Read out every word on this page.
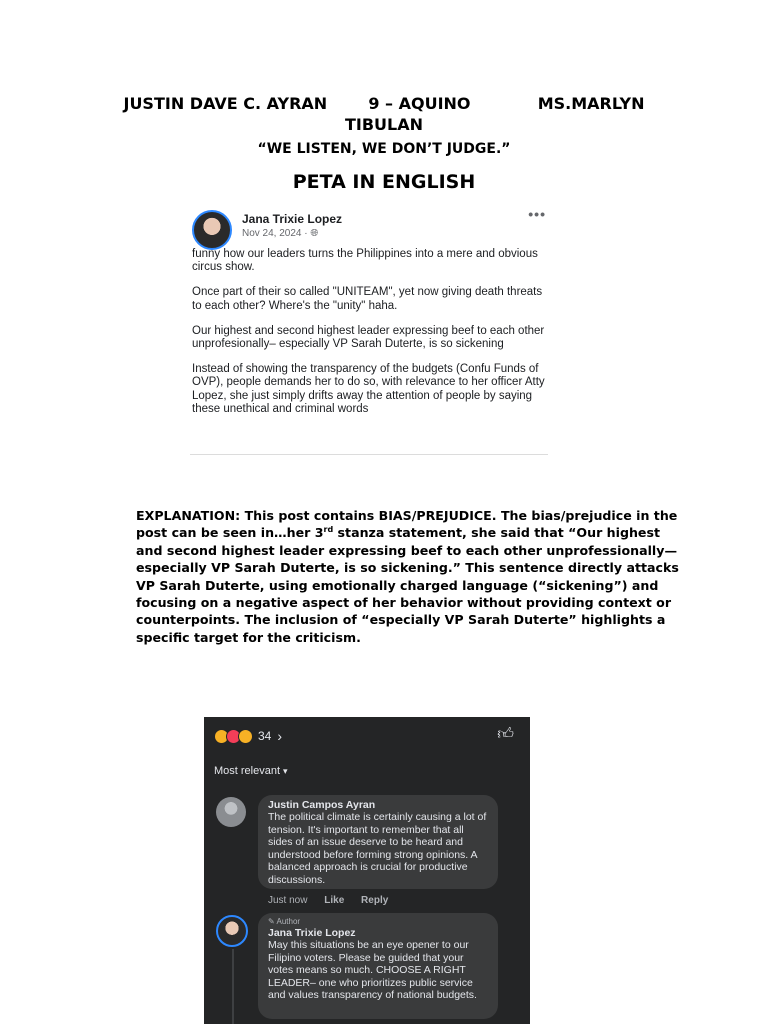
JUSTIN DAVE C. AYRAN	9 – AQUINO	MS.MARLYN
TIBULAN
“WE LISTEN, WE DON’T JUDGE.”
PETA IN ENGLISH
Jana Trixie Lopez
Nov 24, 2024 · 🌐︎
•••

funny how our leaders turns the Philippines into a mere and obvious circus show.

Once part of their so called "UNITEAM", yet now giving death threats to each other? Where's the "unity" haha.

Our highest and second highest leader expressing beef to each other unprofesionally– especially VP Sarah Duterte, is so sickening

Instead of showing the transparency of the budgets (Confu Funds of OVP), people demands her to do so, with relevance to her officer Atty Lopez, she just simply drifts away the attention of people by saying these unethical and criminal words

EXPLANATION: This post contains BIAS/PREJUDICE. The bias/prejudice in the post can be seen in…her 3rd stanza statement, she said that “Our highest and second highest leader expressing beef to each other unprofessionally—especially VP Sarah Duterte, is so sickening.” This sentence directly attacks VP Sarah Duterte, using emotionally charged language (“sickening”) and focusing on a negative aspect of her behavior without providing context or counterpoints. The inclusion of “especially VP Sarah Duterte” highlights a specific target for the criticism.
34 ›	👍︎
Most relevant ▾
Justin Campos Ayran
The political climate is certainly causing a lot of tension. It's important to remember that all sides of an issue deserve to be heard and understood before forming strong opinions. A balanced approach is crucial for productive discussions.
Just now Like Reply
✎ Author
Jana Trixie Lopez
May this situations be an eye opener to our Filipino voters. Please be guided that your votes means so much. CHOOSE A RIGHT LEADER– one who prioritizes public service and values transparency of national budgets.
